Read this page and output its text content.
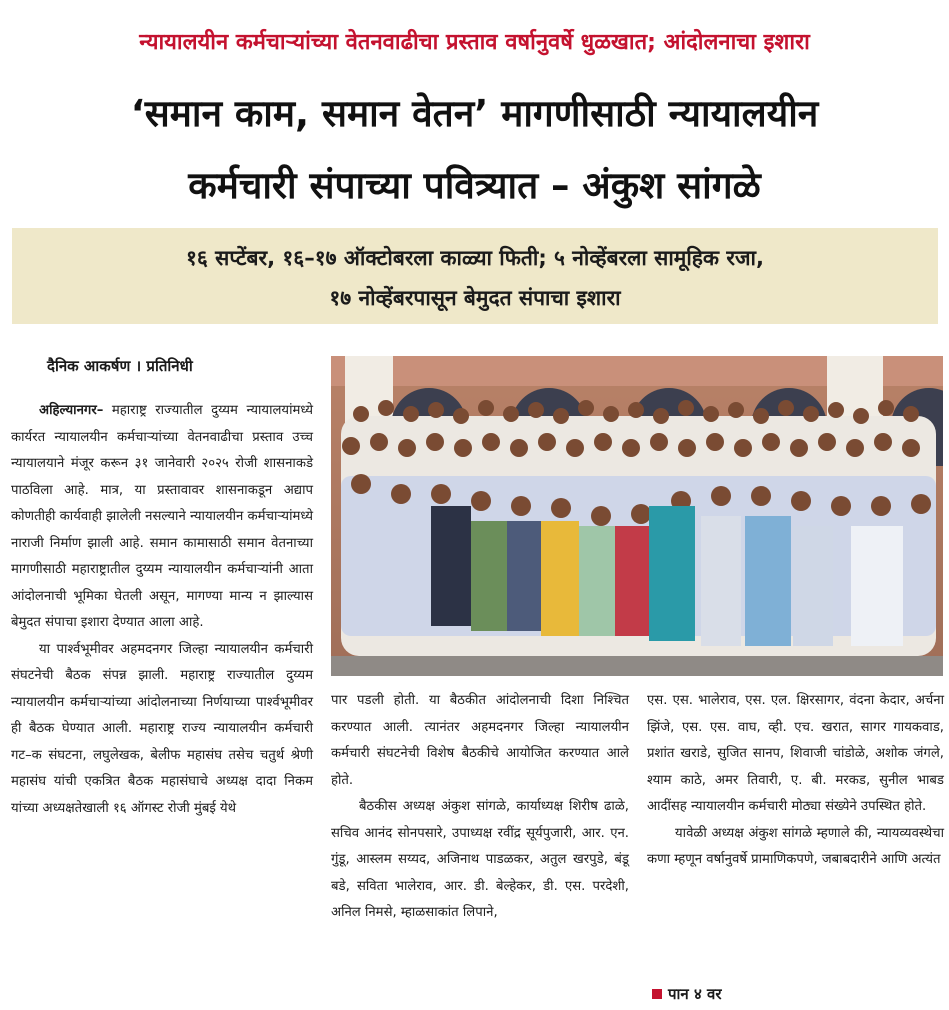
न्यायालयीन कर्मचाऱ्यांच्या वेतनवाढीचा प्रस्ताव वर्षानुवर्षे धुळखात; आंदोलनाचा इशारा
‘समान काम, समान वेतन’ मागणीसाठी न्यायालयीन
कर्मचारी संपाच्या पवित्र्यात – अंकुश सांगळे
१६ सप्टेंबर, १६–१७ ऑक्टोबरला काळ्या फिती; ५ नोव्हेंबरला सामूहिक रजा,
१७ नोव्हेंबरपासून बेमुदत संपाचा इशारा
दैनिक आकर्षण । प्रतिनिधी

अहिल्यानगर– महाराष्ट्र राज्यातील दुय्यम न्यायालयांमध्ये कार्यरत न्यायालयीन कर्मचाऱ्यांच्या वेतनवाढीचा प्रस्ताव उच्च न्यायालयाने मंजूर करून ३१ जानेवारी २०२५ रोजी शासनाकडे पाठविला आहे. मात्र, या प्रस्तावावर शासनाकडून अद्याप कोणतीही कार्यवाही झालेली नसल्याने न्यायालयीन कर्मचाऱ्यांमध्ये नाराजी निर्माण झाली आहे. समान कामासाठी समान वेतनाच्या मागणीसाठी महाराष्ट्रातील दुय्यम न्यायालयीन कर्मचाऱ्यांनी आता आंदोलनाची भूमिका घेतली असून, मागण्या मान्य न झाल्यास बेमुदत संपाचा इशारा देण्यात आला आहे.

या पार्श्वभूमीवर अहमदनगर जिल्हा न्यायालयीन कर्मचारी संघटनेची बैठक संपन्न झाली. महाराष्ट्र राज्यातील दुय्यम न्यायालयीन कर्मचाऱ्यांच्या आंदोलनाच्या निर्णयाच्या पार्श्वभूमीवर ही बैठक घेण्यात आली. महाराष्ट्र राज्य न्यायालयीन कर्मचारी गट–क संघटना, लघुलेखक, बेलीफ महासंघ तसेच चतुर्थ श्रेणी महासंघ यांची एकत्रित बैठक महासंघाचे अध्यक्ष दादा निकम यांच्या अध्यक्षतेखाली १६ ऑगस्ट रोजी मुंबई येथे

पार पडली होती. या बैठकीत आंदोलनाची दिशा निश्चित करण्यात आली. त्यानंतर अहमदनगर जिल्हा न्यायालयीन कर्मचारी संघटनेची विशेष बैठकीचे आयोजित करण्यात आले होते.

बैठकीस अध्यक्ष अंकुश सांगळे, कार्याध्यक्ष शिरीष ढाळे, सचिव आनंद सोनपसारे, उपाध्यक्ष रवींद्र सूर्यपुजारी, आर. एन. गुंडू, आस्लम सय्यद, अजिनाथ पाडळकर, अतुल खरपुडे, बंडू बडे, सविता भालेराव, आर. डी. बेल्हेकर, डी. एस. परदेशी, अनिल निमसे, म्हाळसाकांत लिपाने,

एस. एस. भालेराव, एस. एल. क्षिरसागर, वंदना केदार, अर्चना झिंजे, एस. एस. वाघ, व्ही. एच. खरात, सागर गायकवाड, प्रशांत खराडे, सुजित सानप, शिवाजी चांडोळे, अशोक जंगले, श्याम काठे, अमर तिवारी, ए. बी. मरकड, सुनील भाबड आदींसह न्यायालयीन कर्मचारी मोठ्या संख्येने उपस्थित होते.

यावेळी अध्यक्ष अंकुश सांगळे म्हणाले की, न्यायव्यवस्थेचा कणा म्हणून वर्षानुवर्षे प्रामाणिकपणे, जबाबदारीने आणि अत्यंत

पान ४ वर
